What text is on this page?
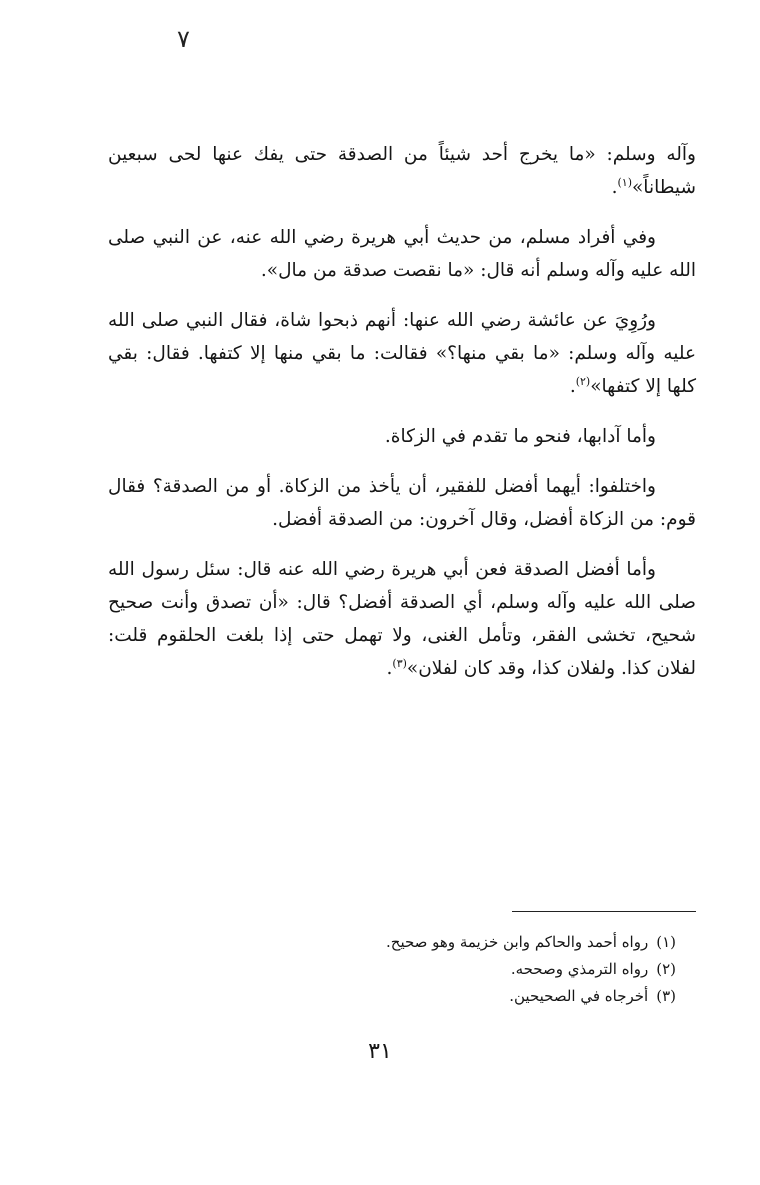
٧

وآله وسلم: «ما يخرج أحد شيئاً من الصدقة حتى يفك عنها لحى سبعين شيطاناً»$^{(١)}$.

وفي أفراد مسلم، من حديث أبي هريرة رضي الله عنه، عن النبي صلى الله عليه وآله وسلم أنه قال: «ما نقصت صدقة من مال».

ورُوِيَ عن عائشة رضي الله عنها: أنهم ذبحوا شاة، فقال النبي صلى الله عليه وآله وسلم: «ما بقي منها؟» فقالت: ما بقي منها إلا كتفها. فقال: بقي كلها إلا كتفها»$^{(٢)}$.

وأما آدابها، فنحو ما تقدم في الزكاة.

واختلفوا: أيهما أفضل للفقير، أن يأخذ من الزكاة. أو من الصدقة؟ فقال قوم: من الزكاة أفضل، وقال آخرون: من الصدقة أفضل.

وأما أفضل الصدقة فعن أبي هريرة رضي الله عنه قال: سئل رسول الله صلى الله عليه وآله وسلم، أي الصدقة أفضل؟ قال: «أن تصدق وأنت صحيح شحيح، تخشى الفقر، وتأمل الغنى، ولا تهمل حتى إذا بلغت الحلقوم قلت: لفلان كذا. ولفلان كذا، وقد كان لفلان»$^{(٣)}$.

(١)رواه أحمد والحاكم وابن خزيمة وهو صحيح.
(٢)رواه الترمذي وصححه.
(٣)أخرجاه في الصحيحين.
٣١
